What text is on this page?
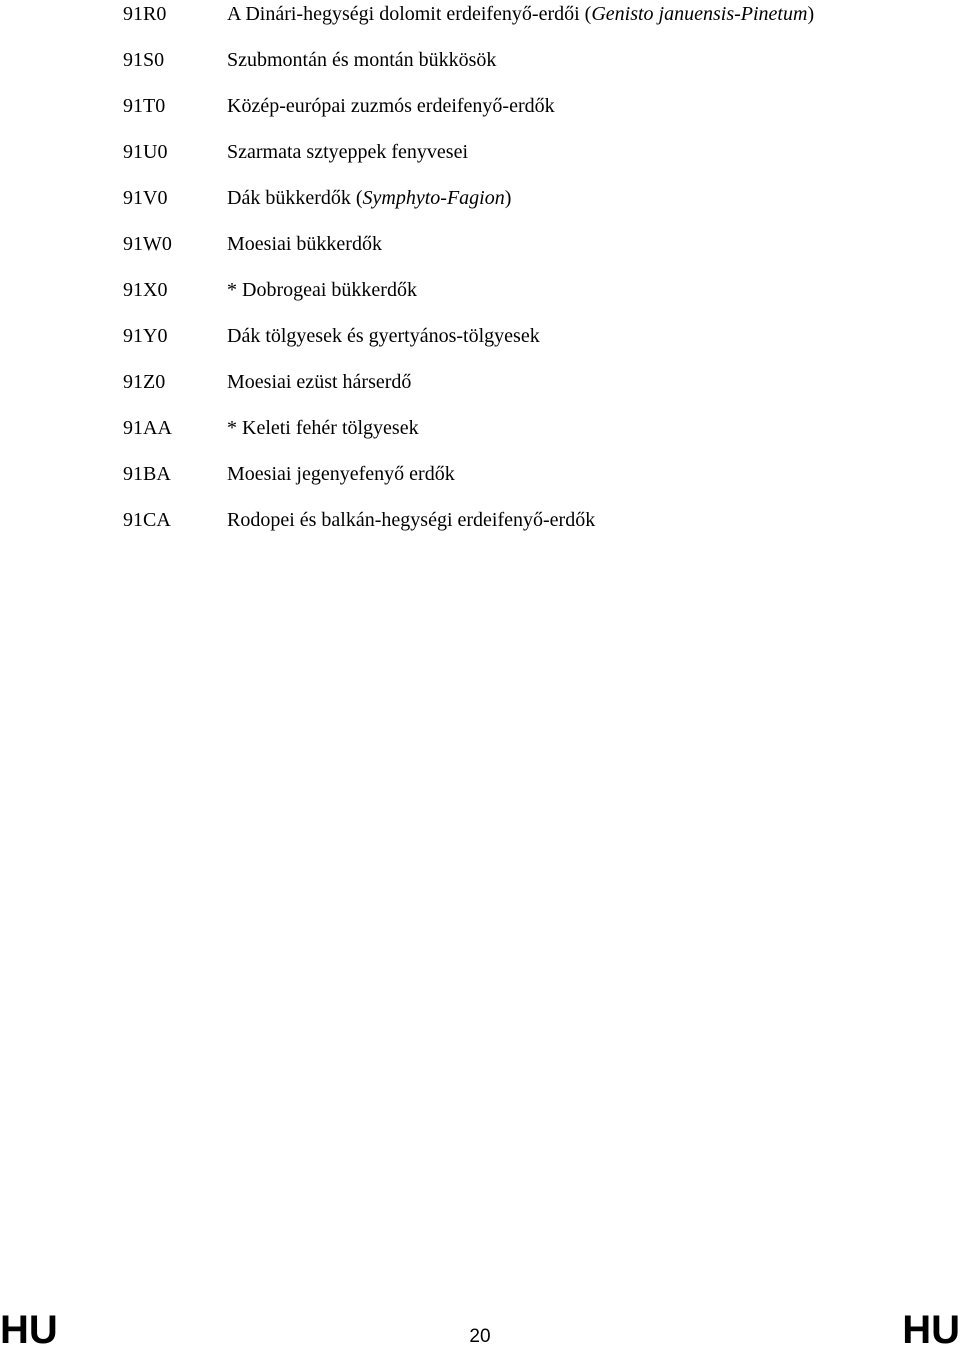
91R0	A Dinári-hegységi dolomit erdeifenyő-erdői (Genisto januensis-Pinetum)
91S0	Szubmontán és montán bükkösök
91T0	Közép-európai zuzmós erdeifenyő-erdők
91U0	Szarmata sztyeppek fenyvesei
91V0	Dák bükkerdők (Symphyto-Fagion)
91W0	Moesiai bükkerdők
91X0	* Dobrogeai bükkerdők
91Y0	Dák tölgyesek és gyertyános-tölgyesek
91Z0	Moesiai ezüst hárserdő
91AA	* Keleti fehér tölgyesek
91BA	Moesiai jegenyefenyő erdők
91CA	Rodopei és balkán-hegységi erdeifenyő-erdők
HU	20	HU
